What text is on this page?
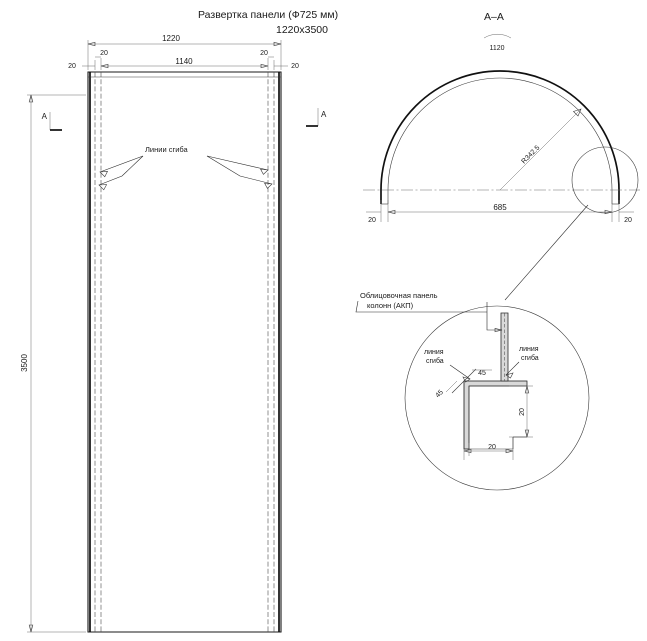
Развертка панели (Ф725 мм)
1220x3500
A–A
1220
1140
20
20	20
20
3500
A	A
Линии сгиба
1120
R342.5
20
685
20
Облицовочная панель
колонн (АКП)
линия
сгиба
линия
сгиба
45
45
20
20
